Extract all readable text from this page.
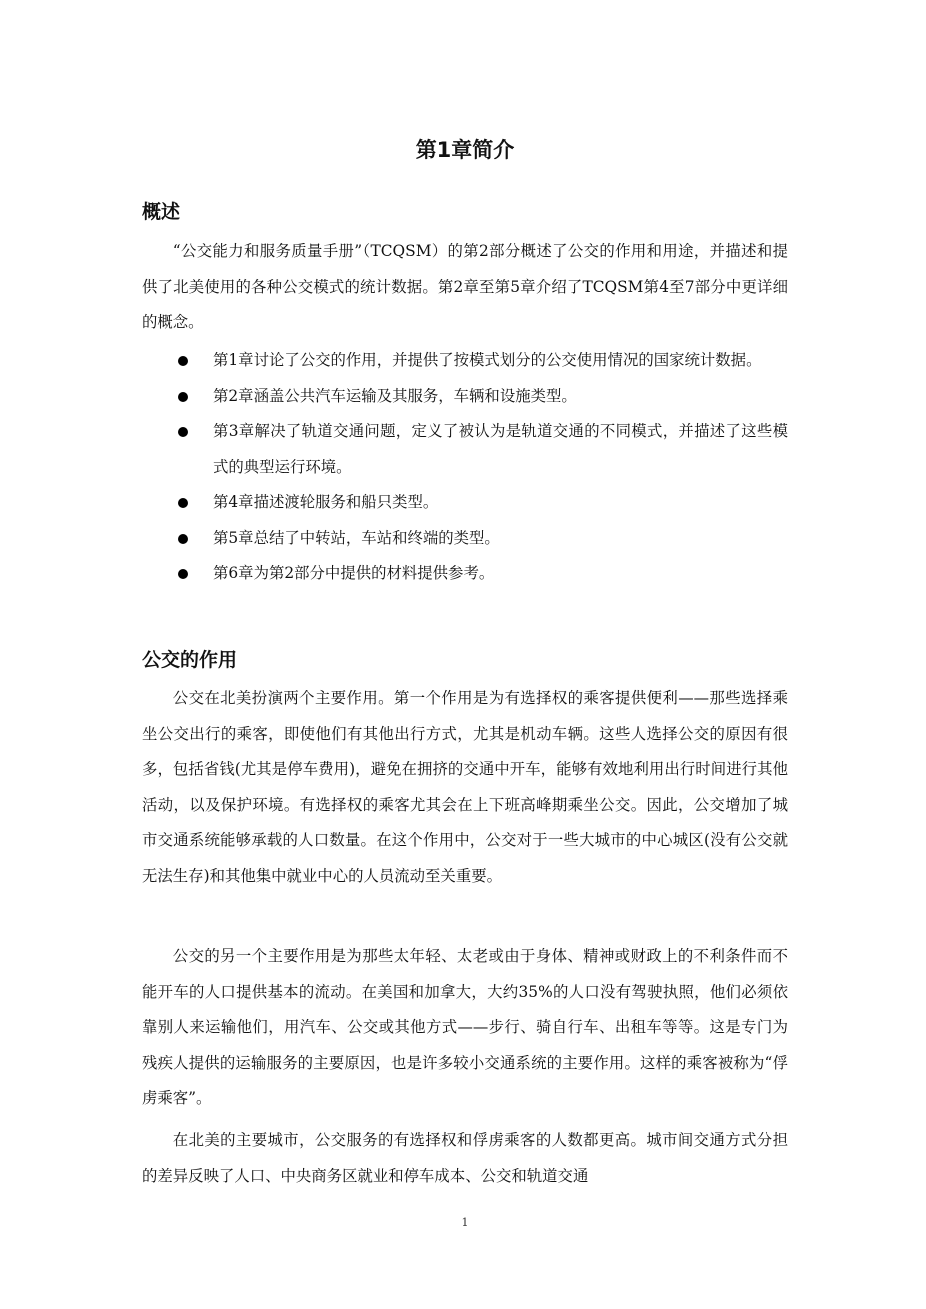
第1章简介
概述

“公交能力和服务质量手册”（TCQSM）的第2部分概述了公交的作用和用途，并描述和提供了北美使用的各种公交模式的统计数据。第2章至第5章介绍了TCQSM第4至7部分中更详细的概念。

第1章讨论了公交的作用，并提供了按模式划分的公交使用情况的国家统计数据。
第2章涵盖公共汽车运输及其服务，车辆和设施类型。
第3章解决了轨道交通问题，定义了被认为是轨道交通的不同模式，并描述了这些模式的典型运行环境。
第4章描述渡轮服务和船只类型。
第5章总结了中转站，车站和终端的类型。
第6章为第2部分中提供的材料提供参考。
公交的作用

公交在北美扮演两个主要作用。第一个作用是为有选择权的乘客提供便利——那些选择乘坐公交出行的乘客，即使他们有其他出行方式，尤其是机动车辆。这些人选择公交的原因有很多，包括省钱(尤其是停车费用)，避免在拥挤的交通中开车，能够有效地利用出行时间进行其他活动，以及保护环境。有选择权的乘客尤其会在上下班高峰期乘坐公交。因此，公交增加了城市交通系统能够承载的人口数量。在这个作用中，公交对于一些大城市的中心城区(没有公交就无法生存)和其他集中就业中心的人员流动至关重要。

公交的另一个主要作用是为那些太年轻、太老或由于身体、精神或财政上的不利条件而不能开车的人口提供基本的流动。在美国和加拿大，大约35%的人口没有驾驶执照，他们必须依靠别人来运输他们，用汽车、公交或其他方式——步行、骑自行车、出租车等等。这是专门为残疾人提供的运输服务的主要原因，也是许多较小交通系统的主要作用。这样的乘客被称为“俘虏乘客”。

在北美的主要城市，公交服务的有选择权和俘虏乘客的人数都更高。城市间交通方式分担的差异反映了人口、中央商务区就业和停车成本、公交和轨道交通

1
